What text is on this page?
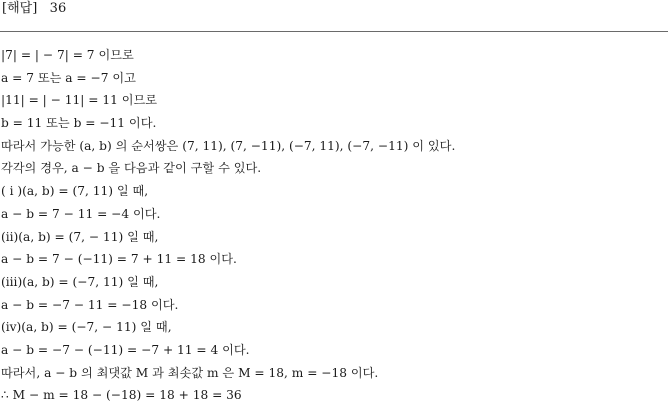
[해답] 36
|7| = | − 7| = 7 이므로
a = 7 또는 a = −7 이고
|11| = | − 11| = 11 이므로
b = 11 또는 b = −11 이다.
따라서 가능한 (a, b) 의 순서쌍은 (7, 11), (7, −11), (−7, 11), (−7, −11) 이 있다.
각각의 경우, a − b 을 다음과 같이 구할 수 있다.
( i )(a, b) = (7, 11) 일 때,
a − b = 7 − 11 = −4 이다.
(ii)(a, b) = (7, − 11) 일 때,
a − b = 7 − (−11) = 7 + 11 = 18 이다.
(iii)(a, b) = (−7, 11) 일 때,
a − b = −7 − 11 = −18 이다.
(iv)(a, b) = (−7, − 11) 일 때,
a − b = −7 − (−11) = −7 + 11 = 4 이다.
따라서, a − b 의 최댓값 M 과 최솟값 m 은 M = 18, m = −18 이다.
∴ M − m = 18 − (−18) = 18 + 18 = 36
